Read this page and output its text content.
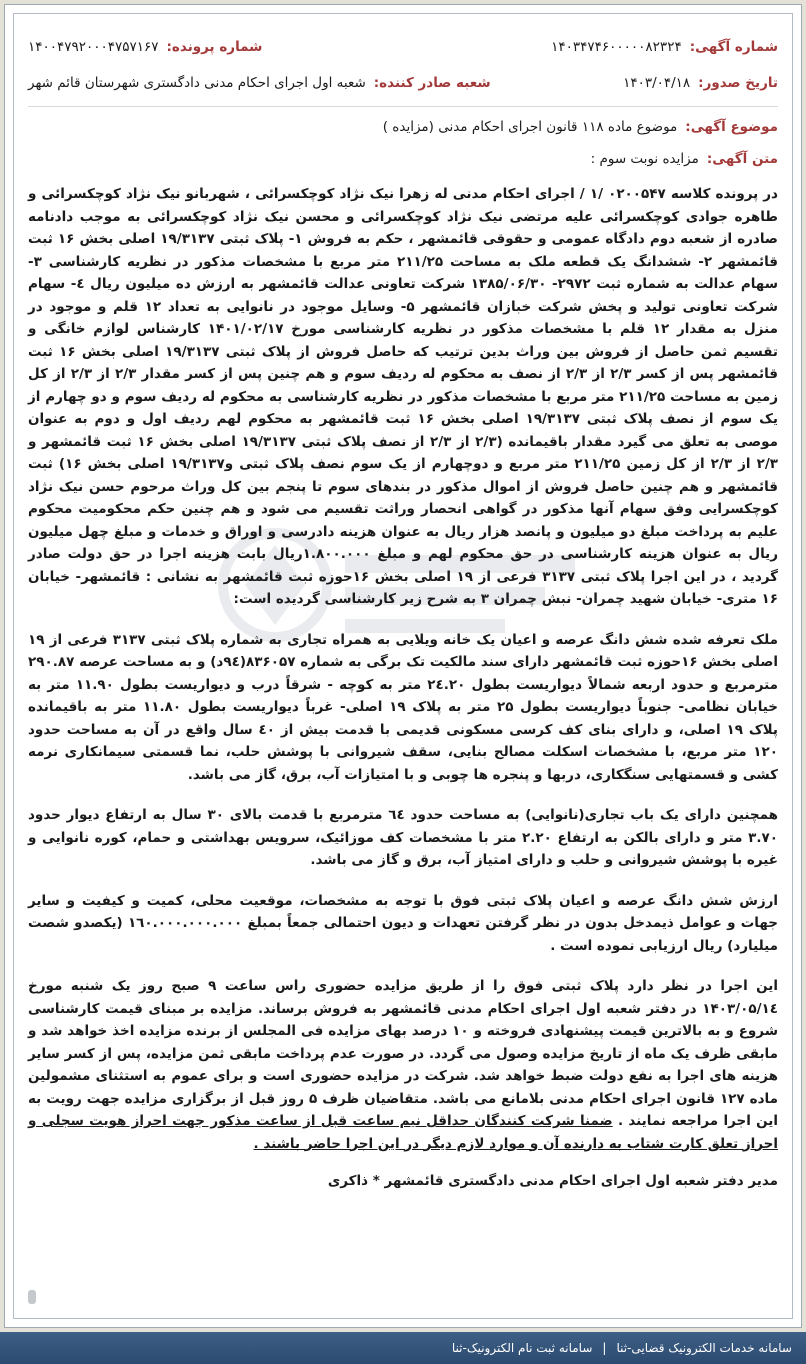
شماره آگهی:
۱۴۰۳۴۷۴۶۰۰۰۰۰۸۲۳۲۴
شماره پرونده:
۱۴۰۰۴۷۹۲۰۰۰۴۷۵۷۱۶۷
تاریخ صدور:
۱۴۰۳/۰۴/۱۸
شعبه صادر کننده:
شعبه اول اجرای احکام مدنی دادگستری شهرستان قائم شهر
موضوع آگهی:
موضوع ماده ۱۱۸ قانون اجرای احکام مدنی (مزایده )
متن آگهی:
مزایده نوبت سوم :

در پرونده کلاسه ۰۲۰۰۵۴۷ /۱ / اجرای احکام مدنی له زهرا نیک نژاد کوچکسرائی ، شهربانو نیک نژاد کوچکسرائی و طاهره جوادی کوچکسرائی علیه مرتضی نیک نژاد کوچکسرائی و محسن نیک نژاد کوچکسرائی به موجب دادنامه صادره از شعبه دوم دادگاه عمومی و حقوقی قائمشهر ، حکم به فروش ۱- پلاک ثبتی ۱۹/۳۱۳۷ اصلی بخش ۱۶ ثبت قائمشهر ۲- ششدانگ یک قطعه ملک به مساحت ۲۱۱/۲۵ متر مربع با مشخصات مذکور در نظریه کارشناسی ۳- سهام عدالت به شماره ثبت ۲۹۷۲- ۱۳۸۵/۰۶/۳۰ شرکت تعاونی عدالت قائمشهر به ارزش ده میلیون ریال ٤- سهام شرکت تعاونی تولید و پخش شرکت خبازان قائمشهر ۵- وسایل موجود در نانوایی به تعداد ۱۲ قلم و موجود در منزل به مقدار ۱۲ قلم با مشخصات مذکور در نظریه کارشناسی مورخ ۱۴۰۱/۰۲/۱۷ کارشناس لوازم خانگی و تقسیم ثمن حاصل از فروش بین وراث بدین ترتیب که حاصل فروش از پلاک ثبتی ۱۹/۳۱۳۷ اصلی بخش ۱۶ ثبت قائمشهر پس از کسر ۲/۳ از ۲/۳ از نصف به محکوم له ردیف سوم و هم چنین پس از کسر مقدار ۲/۳ از ۲/۳ از کل زمین به مساحت ۲۱۱/۲۵ متر مربع با مشخصات مذکور در نظریه کارشناسی به محکوم له ردیف سوم و دو چهارم از یک سوم از نصف پلاک ثبتی ۱۹/۳۱۳۷ اصلی بخش ۱۶ ثبت قائمشهر به محکوم لهم ردیف اول و دوم به عنوان موصی به تعلق می گیرد مقدار باقیمانده (۲/۳ از ۲/۳ از نصف پلاک ثبتی ۱۹/۳۱۳۷ اصلی بخش ۱۶ ثبت قائمشهر و ۲/۳ از ۲/۳ از کل زمین ۲۱۱/۲۵ متر مربع و دوچهارم از یک سوم نصف پلاک ثبتی و۱۹/۳۱۳۷ اصلی بخش ۱۶) ثبت قائمشهر و هم چنین حاصل فروش از اموال مذکور در بندهای سوم تا پنجم بین کل وراث مرحوم حسن نیک نژاد کوچکسرایی وفق سهام آنها مذکور در گواهی انحصار وراثت تقسیم می شود و هم چنین حکم محکومیت محکوم علیم به پرداخت مبلغ دو میلیون و پانصد هزار ریال به عنوان هزینه دادرسی و اوراق و خدمات و مبلغ چهل میلیون ریال به عنوان هزینه کارشناسی در حق محکوم لهم و مبلغ ۱.۸۰۰.۰۰۰ریال بابت هزینه اجرا در حق دولت صادر گردید ، در این اجرا پلاک ثبتی ۳۱۳۷ فرعی از ۱۹ اصلی بخش ۱۶حوزه ثبت قائمشهر به نشانی : قائمشهر- خیابان ۱۶ متری- خیابان شهید چمران- نبش چمران ۳ به شرح زیر کارشناسی گردیده است:

ملک تعرفه شده شش دانگ عرصه و اعیان یک خانه ویلایی به همراه تجاری به شماره پلاک ثبتی ۳۱۳۷ فرعی از ۱۹ اصلی بخش ۱۶حوزه ثبت قائمشهر دارای سند مالکیت تک برگی به شماره ۸۳۶۰۵۷(۹٤د) و به مساحت عرصه ۲۹۰.۸۷ مترمربع و حدود اربعه شمالاً دیواریست بطول ۲٤.۲۰ متر به کوچه - شرقاً درب و دیواریست بطول ۱۱.۹۰ متر به خیابان نظامی- جنوباً دیواریست بطول ۲۵ متر به پلاک ۱۹ اصلی- غرباً دیواریست بطول ۱۱.۸۰ متر به باقیمانده پلاک ۱۹ اصلی، و دارای بنای کف کرسی مسکونی قدیمی با قدمت بیش از ٤۰ سال واقع در آن به مساحت حدود ۱۲۰ متر مربع، با مشخصات اسکلت مصالح بنایی، سقف شیروانی با پوشش حلب، نما قسمتی سیمانکاری نرمه کشی و قسمتهایی سنگکاری، دربها و پنجره ها چوبی و با امتیازات آب، برق، گاز می باشد.

همچنین دارای یک باب تجاری(نانوایی) به مساحت حدود ٦٤ مترمربع با قدمت بالای ۳۰ سال به ارتفاع دیوار حدود ۳.۷۰ متر و دارای بالکن به ارتفاع ۲.۲۰ متر با مشخصات کف موزائیک، سرویس بهداشتی و حمام، کوره نانوایی و غیره با پوشش شیروانی و حلب و دارای امتیاز آب، برق و گاز می باشد.

ارزش شش دانگ عرصه و اعیان پلاک ثبتی فوق با توجه به مشخصات، موقعیت محلی، کمیت و کیفیت و سایر جهات و عوامل ذیمدخل بدون در نظر گرفتن تعهدات و دیون احتمالی جمعاً بمبلغ ۱٦۰.۰۰۰.۰۰۰.۰۰۰ (یکصدو شصت میلیارد) ریال ارزیابی نموده است .

این اجرا در نظر دارد پلاک ثبتی فوق را از طریق مزایده حضوری راس ساعت ۹ صبح روز یک شنبه مورخ ۱۴۰۳/۰۵/۱٤ در دفتر شعبه اول اجرای احکام مدنی قائمشهر به فروش برساند. مزایده بر مبنای قیمت کارشناسی شروع و به بالاترین قیمت پیشنهادی فروخته و ۱۰ درصد بهای مزایده فی المجلس از برنده مزایده اخذ خواهد شد و مابقی ظرف یک ماه از تاریخ مزایده وصول می گردد. در صورت عدم پرداخت مابقی ثمن مزایده، پس از کسر سایر هزینه های اجرا به نفع دولت ضبط خواهد شد. شرکت در مزایده حضوری است و برای عموم به استثنای مشمولین ماده ۱۲۷ قانون اجرای احکام مدنی بلامانع می باشد. متقاضیان ظرف ۵ روز قبل از برگزاری مزایده جهت رویت به این اجرا مراجعه نمایند . ضمنا شرکت کنندگان حداقل نیم ساعت قبل از ساعت مذکور جهت احراز هویت سجلی و احراز تعلق کارت شتاب به دارنده آن و موارد لازم دیگر در این اجرا حاضر باشند .

مدیر دفتر شعبه اول اجرای احکام مدنی دادگستری قائمشهر * ذاکری
سامانه خدمات الکترونیک قضایی-ثنا
|
سامانه ثبت نام الکترونیک-ثنا
